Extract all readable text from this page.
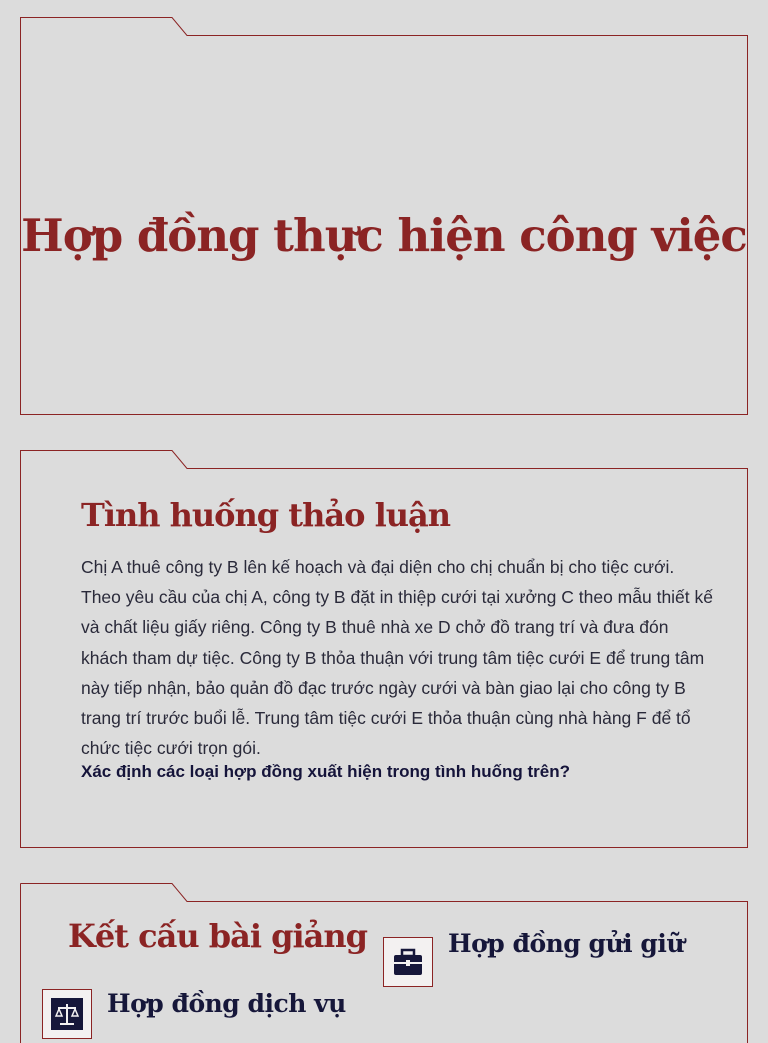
Hợp đồng thực hiện công việc
Tình huống thảo luận
Chị A thuê công ty B lên kế hoạch và đại diện cho chị chuẩn bị cho tiệc cưới. Theo yêu cầu của chị A, công ty B đặt in thiệp cưới tại xưởng C theo mẫu thiết kế và chất liệu giấy riêng. Công ty B thuê nhà xe D chở đồ trang trí và đưa đón khách tham dự tiệc. Công ty B thỏa thuận với trung tâm tiệc cưới E để trung tâm này tiếp nhận, bảo quản đồ đạc trước ngày cưới và bàn giao lại cho công ty B trang trí trước buổi lễ. Trung tâm tiệc cưới E thỏa thuận cùng nhà hàng F để tổ chức tiệc cưới trọn gói.
Xác định các loại hợp đồng xuất hiện trong tình huống trên?
Kết cấu bài giảng	Hợp đồng gửi giữ
Hợp đồng dịch vụ
